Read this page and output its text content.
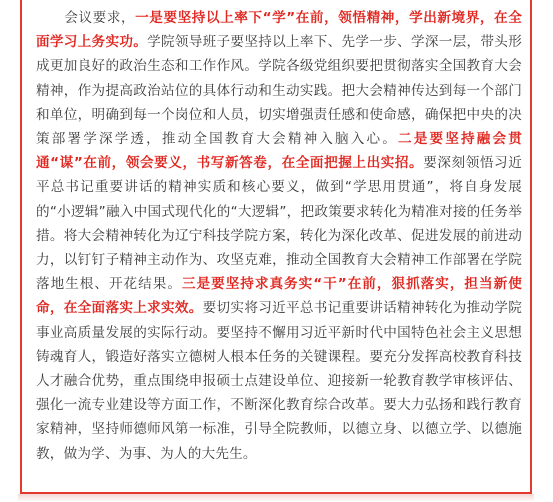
　　会议要求，一是要坚持以上率下“学”在前，领悟精神，学出新境界，在全面学习上务实功。学院领导班子要坚持以上率下、先学一步、学深一层，带头形成更加良好的政治生态和工作作风。学院各级党组织要把贯彻落实全国教育大会精神，作为提高政治站位的具体行动和生动实践。把大会精神传达到每一个部门和单位，明确到每一个岗位和人员，切实增强责任感和使命感，确保把中央的决策部署学深学透，推动全国教育大会精神入脑入心。二是要坚持融会贯通“谋”在前，领会要义，书写新答卷，在全面把握上出实招。要深刻领悟习近平总书记重要讲话的精神实质和核心要义，做到“学思用贯通”，将自身发展的“小逻辑”融入中国式现代化的“大逻辑”，把政策要求转化为精准对接的任务举措。将大会精神转化为辽宁科技学院方案，转化为深化改革、促进发展的前进动力，以钉钉子精神主动作为、攻坚克难，推动全国教育大会精神工作部署在学院落地生根、开花结果。三是要坚持求真务实“干”在前，狠抓落实，担当新使命，在全面落实上求实效。要切实将习近平总书记重要讲话精神转化为推动学院事业高质量发展的实际行动。要坚持不懈用习近平新时代中国特色社会主义思想铸魂育人，锻造好落实立德树人根本任务的关键课程。要充分发挥高校教育科技人才融合优势，重点围绕申报硕士点建设单位、迎接新一轮教育教学审核评估、强化一流专业建设等方面工作，不断深化教育综合改革。要大力弘扬和践行教育家精神，坚持师德师风第一标准，引导全院教师，以德立身、以德立学、以德施教，做为学、为事、为人的大先生。
